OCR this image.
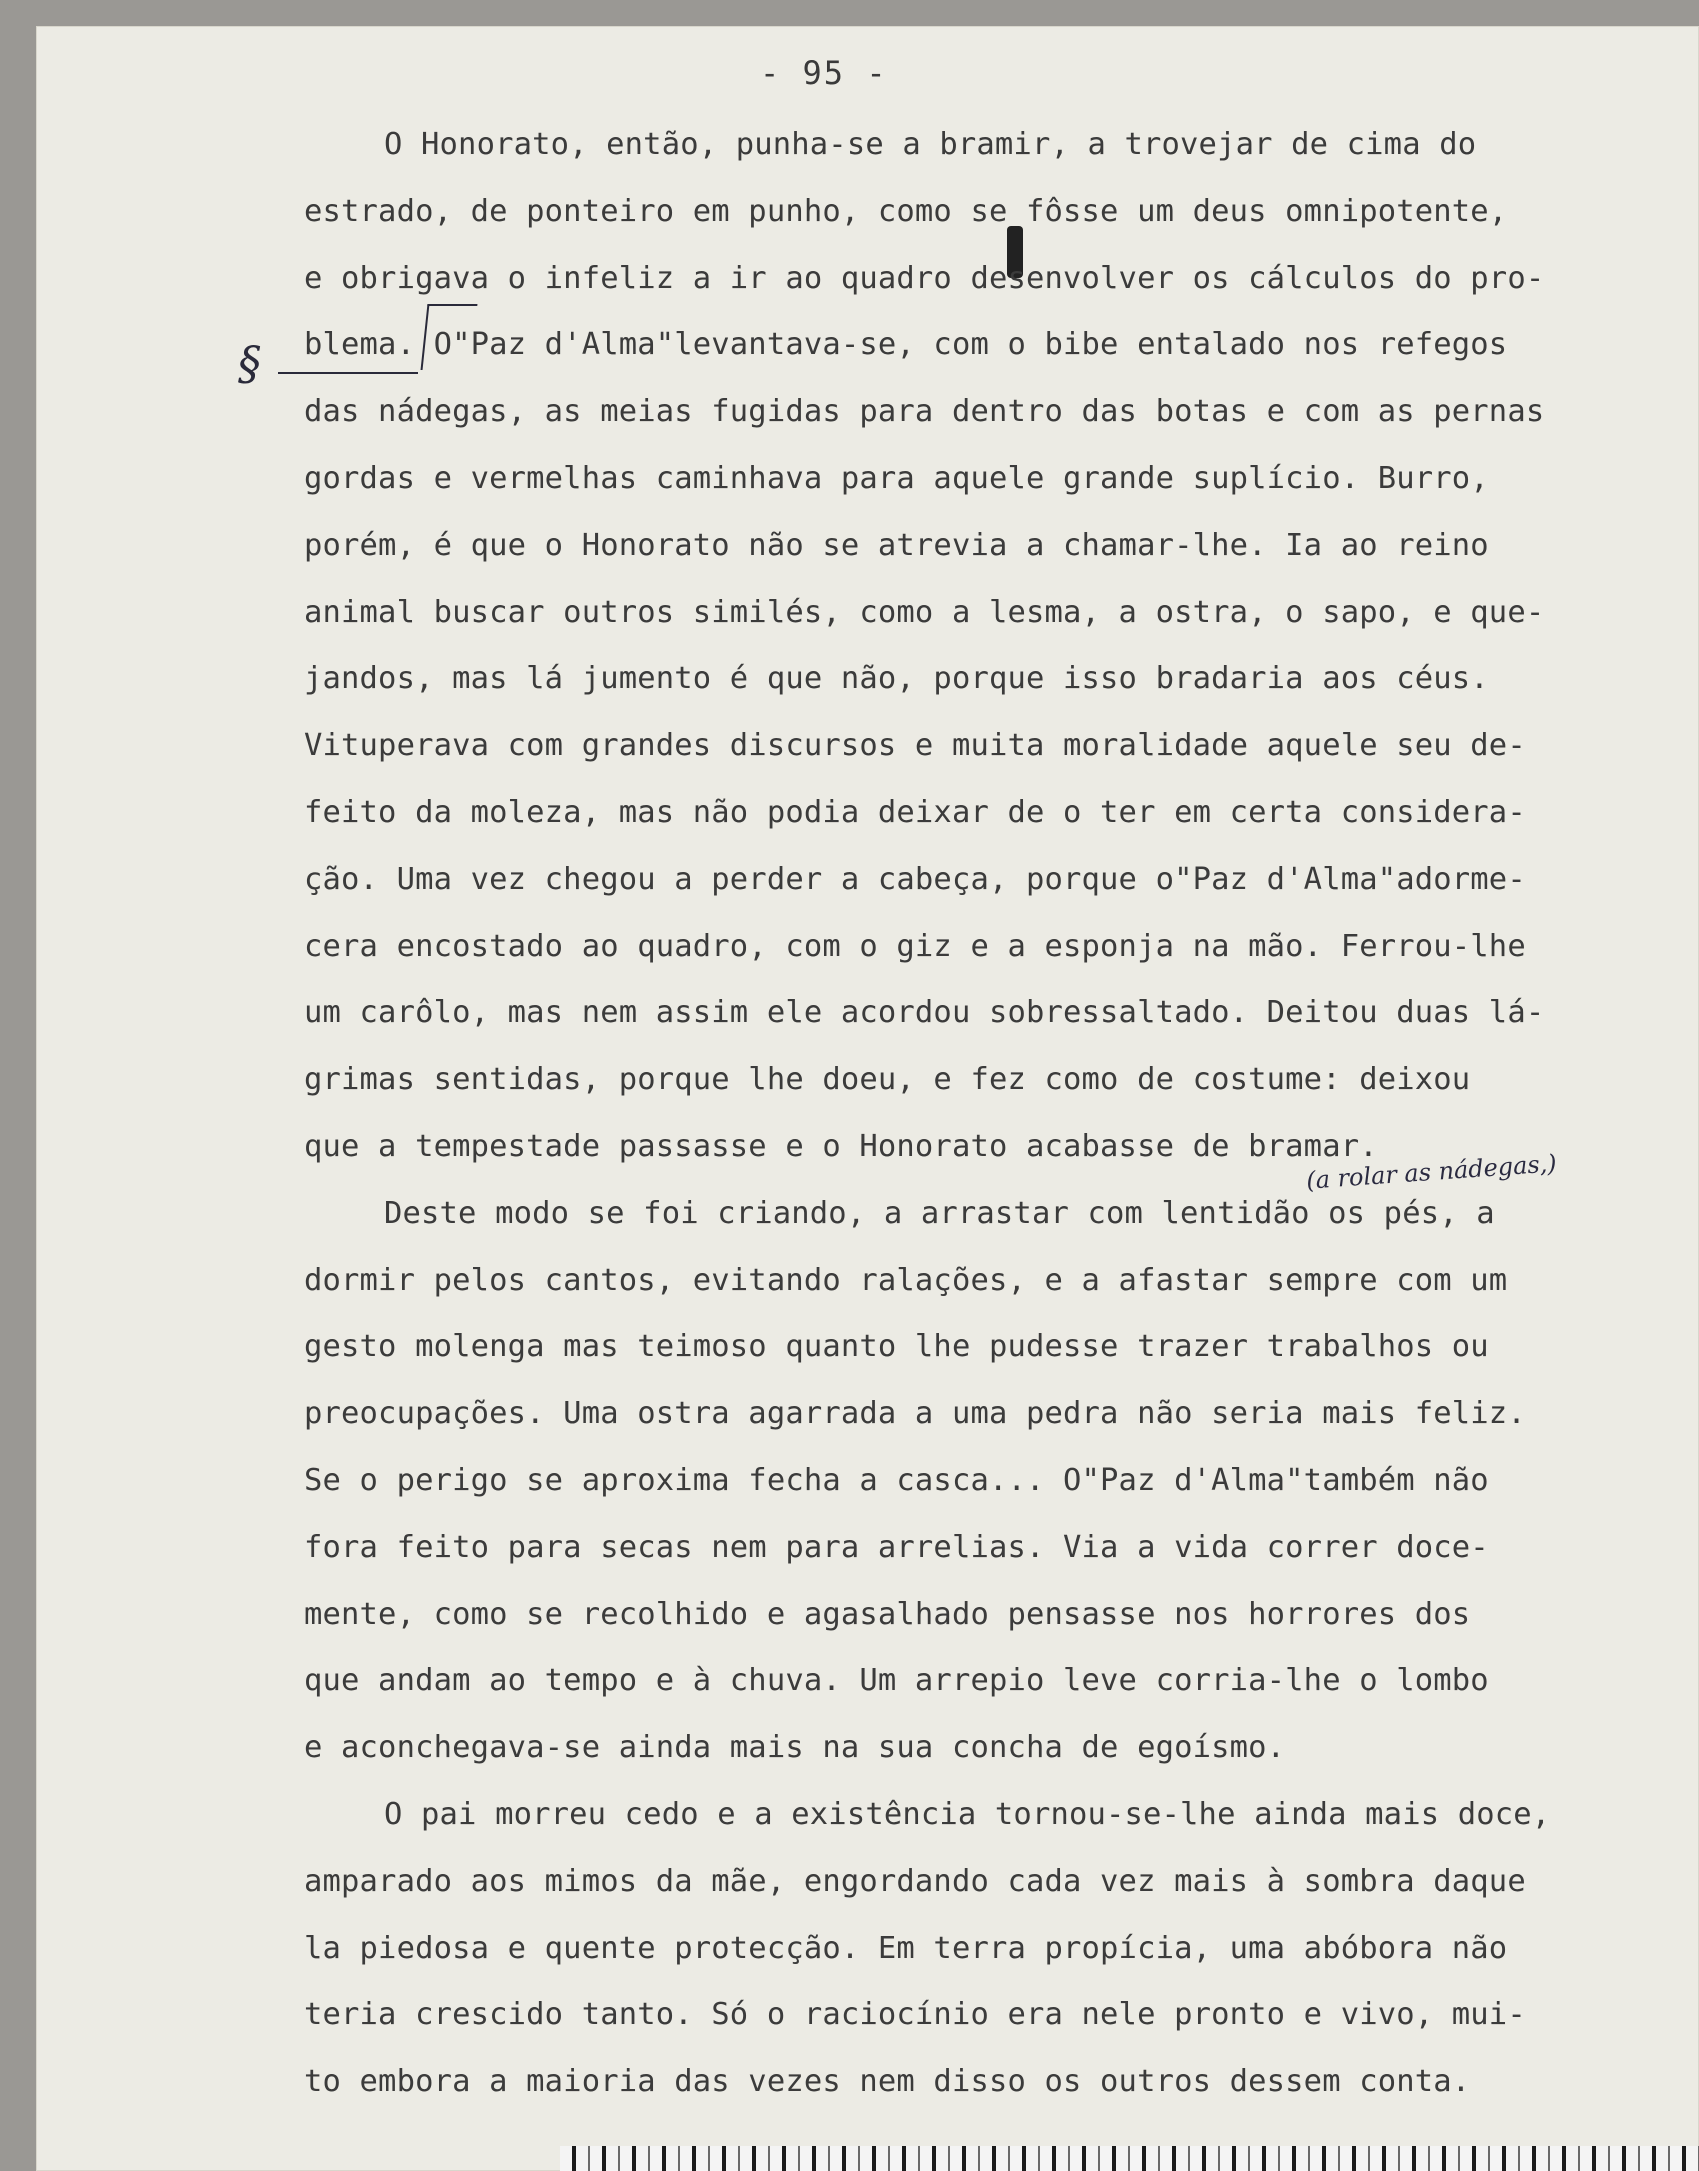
- 95 -
§
(a rolar as nádegas,)
O Honorato, então, punha-se a bramir, a trovejar de cima do
estrado, de ponteiro em punho, como se fôsse um deus omnipotente,
e obrigava o infeliz a ir ao quadro desenvolver os cálculos do pro-
blema. O"Paz d'Alma"levantava-se, com o bibe entalado nos refegos
das nádegas, as meias fugidas para dentro das botas e com as pernas
gordas e vermelhas caminhava para aquele grande suplício. Burro,
porém, é que o Honorato não se atrevia a chamar-lhe. Ia ao reino
animal buscar outros similés, como a lesma, a ostra, o sapo, e que-
jandos, mas lá jumento é que não, porque isso bradaria aos céus.
Vituperava com grandes discursos e muita moralidade aquele seu de-
feito da moleza, mas não podia deixar de o ter em certa considera-
ção. Uma vez chegou a perder a cabeça, porque o"Paz d'Alma"adorme-
cera encostado ao quadro, com o giz e a esponja na mão. Ferrou-lhe
um carôlo, mas nem assim ele acordou sobressaltado. Deitou duas lá-
grimas sentidas, porque lhe doeu, e fez como de costume: deixou
que a tempestade passasse e o Honorato acabasse de bramar.
Deste modo se foi criando, a arrastar com lentidão os pés, a
dormir pelos cantos, evitando ralações, e a afastar sempre com um
gesto molenga mas teimoso quanto lhe pudesse trazer trabalhos ou
preocupações. Uma ostra agarrada a uma pedra não seria mais feliz.
Se o perigo se aproxima fecha a casca... O"Paz d'Alma"também não
fora feito para secas nem para arrelias. Via a vida correr doce-
mente, como se recolhido e agasalhado pensasse nos horrores dos
que andam ao tempo e à chuva. Um arrepio leve corria-lhe o lombo
e aconchegava-se ainda mais na sua concha de egoísmo.
O pai morreu cedo e a existência tornou-se-lhe ainda mais doce,
amparado aos mimos da mãe, engordando cada vez mais à sombra daque
la piedosa e quente protecção. Em terra propícia, uma abóbora não
teria crescido tanto. Só o raciocínio era nele pronto e vivo, mui-
to embora a maioria das vezes nem disso os outros dessem conta.
